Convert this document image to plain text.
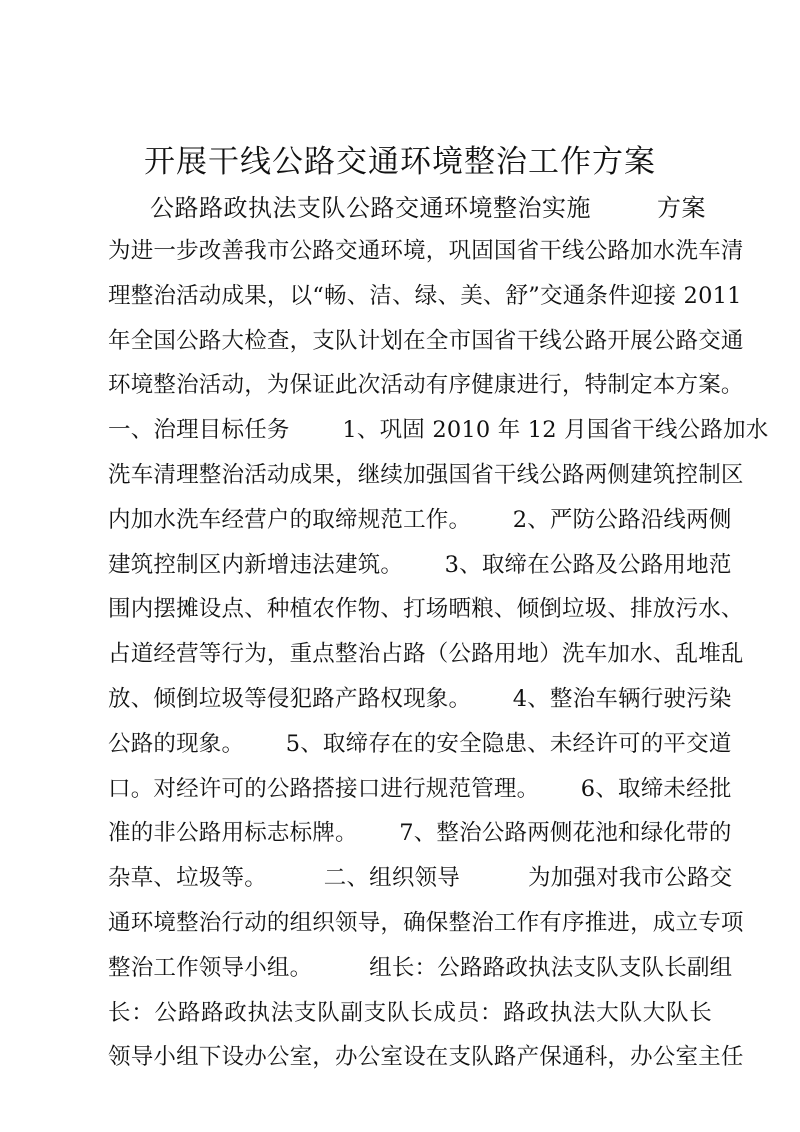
开展干线公路交通环境整治工作方案
公路路政执法支队公路交通环境整治实施	方案
为进一步改善我市公路交通环境，巩固国省干线公路加水洗车清
理整治活动成果，以“畅、洁、绿、美、舒”交通条件迎接 2011
年全国公路大检查，支队计划在全市国省干线公路开展公路交通
环境整治活动，为保证此次活动有序健康进行，特制定本方案。
一、治理目标任务　　 1、巩固 2010 年 12 月国省干线公路加水
洗车清理整治活动成果，继续加强国省干线公路两侧建筑控制区
内加水洗车经营户的取缔规范工作。　　 2、严防公路沿线两侧
建筑控制区内新增违法建筑。　　 3、取缔在公路及公路用地范
围内摆摊设点、种植农作物、打场晒粮、倾倒垃圾、排放污水、
占道经营等行为，重点整治占路（公路用地）洗车加水、乱堆乱
放、倾倒垃圾等侵犯路产路权现象。　　 4、整治车辆行驶污染
公路的现象。　　 5、取缔存在的安全隐患、未经许可的平交道
口。对经许可的公路搭接口进行规范管理。　　 6、取缔未经批
准的非公路用标志标牌。　　 7、整治公路两侧花池和绿化带的
杂草、垃圾等。　　　二、组织领导　　　为加强对我市公路交
通环境整治行动的组织领导，确保整治工作有序推进，成立专项
整治工作领导小组。　　　组长：公路路政执法支队支队长副组
长：公路路政执法支队副支队长成员：路政执法大队大队长
领导小组下设办公室，办公室设在支队路产保通科，办公室主任
